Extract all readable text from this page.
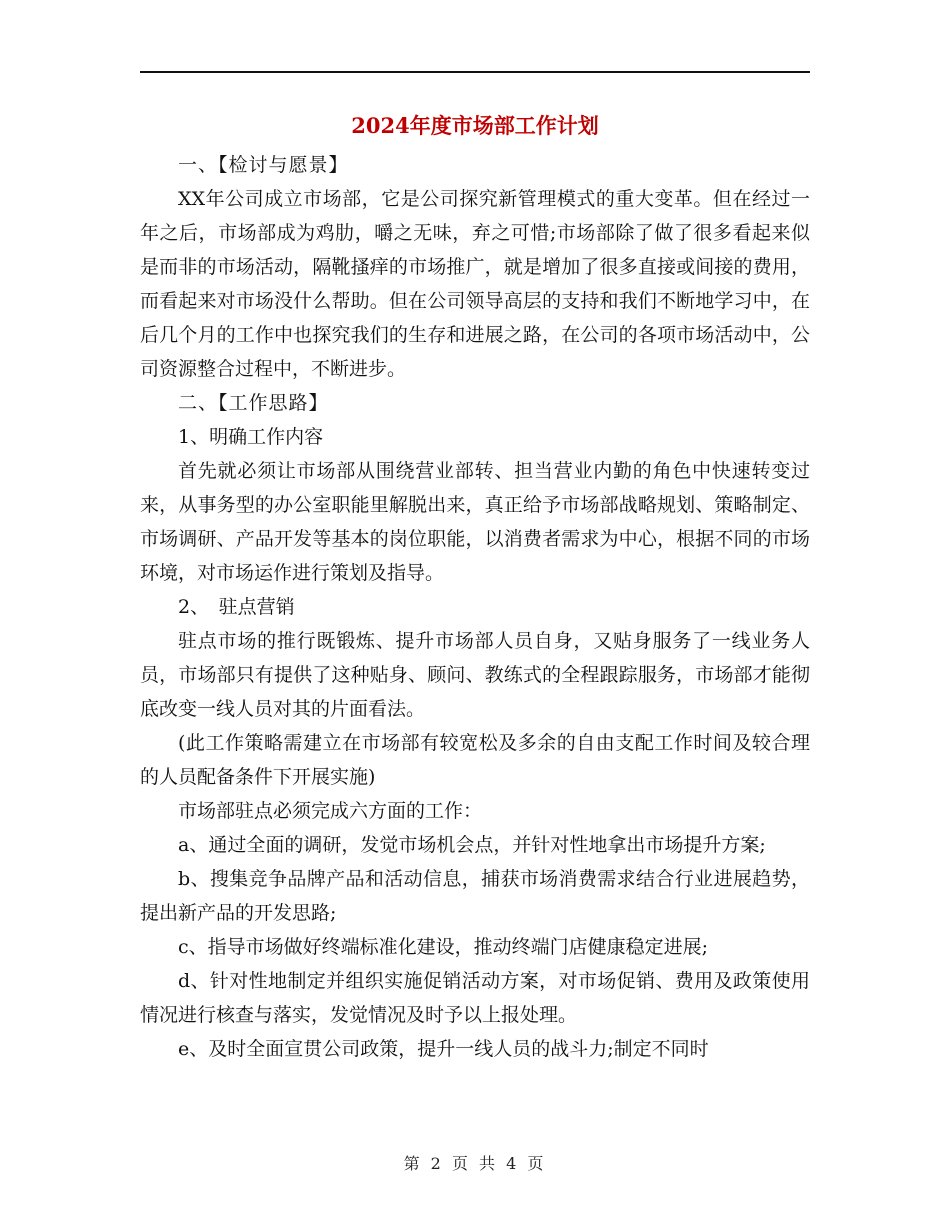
2024年度市场部工作计划

一、【检讨与愿景】

XX年公司成立市场部，它是公司探究新管理模式的重大变革。但在经过一年之后，市场部成为鸡肋，嚼之无味，弃之可惜;市场部除了做了很多看起来似是而非的市场活动，隔靴搔痒的市场推广，就是增加了很多直接或间接的费用，而看起来对市场没什么帮助。但在公司领导高层的支持和我们不断地学习中，在后几个月的工作中也探究我们的生存和进展之路，在公司的各项市场活动中，公司资源整合过程中，不断进步。

二、【工作思路】

1、明确工作内容

首先就必须让市场部从围绕营业部转、担当营业内勤的角色中快速转变过来，从事务型的办公室职能里解脱出来，真正给予市场部战略规划、策略制定、市场调研、产品开发等基本的岗位职能，以消费者需求为中心，根据不同的市场环境，对市场运作进行策划及指导。

2、　驻点营销

驻点市场的推行既锻炼、提升市场部人员自身，又贴身服务了一线业务人员，市场部只有提供了这种贴身、顾问、教练式的全程跟踪服务，市场部才能彻底改变一线人员对其的片面看法。

(此工作策略需建立在市场部有较宽松及多余的自由支配工作时间及较合理的人员配备条件下开展实施)

市场部驻点必须完成六方面的工作：

a、通过全面的调研，发觉市场机会点，并针对性地拿出市场提升方案;

b、搜集竞争品牌产品和活动信息，捕获市场消费需求结合行业进展趋势，提出新产品的开发思路;

c、指导市场做好终端标准化建设，推动终端门店健康稳定进展;

d、针对性地制定并组织实施促销活动方案，对市场促销、费用及政策使用情况进行核查与落实，发觉情况及时予以上报处理。

e、及时全面宣贯公司政策，提升一线人员的战斗力;制定不同时

第 2 页 共 4 页
